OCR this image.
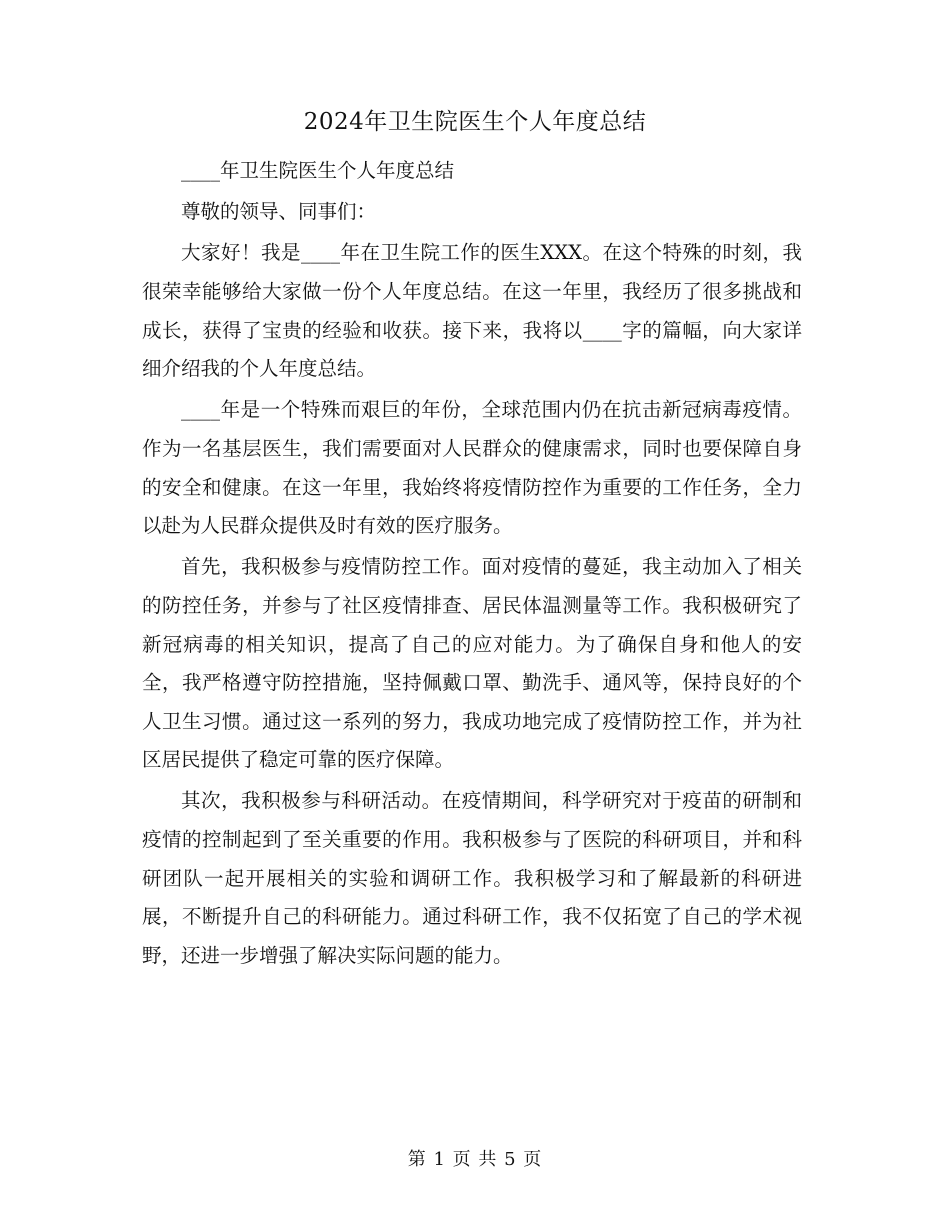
2024年卫生院医生个人年度总结

____年卫生院医生个人年度总结

尊敬的领导、同事们：

大家好！我是____年在卫生院工作的医生XXX。在这个特殊的时刻，我很荣幸能够给大家做一份个人年度总结。在这一年里，我经历了很多挑战和成长，获得了宝贵的经验和收获。接下来，我将以____字的篇幅，向大家详细介绍我的个人年度总结。

____年是一个特殊而艰巨的年份，全球范围内仍在抗击新冠病毒疫情。作为一名基层医生，我们需要面对人民群众的健康需求，同时也要保障自身的安全和健康。在这一年里，我始终将疫情防控作为重要的工作任务，全力以赴为人民群众提供及时有效的医疗服务。

首先，我积极参与疫情防控工作。面对疫情的蔓延，我主动加入了相关的防控任务，并参与了社区疫情排查、居民体温测量等工作。我积极研究了新冠病毒的相关知识，提高了自己的应对能力。为了确保自身和他人的安全，我严格遵守防控措施，坚持佩戴口罩、勤洗手、通风等，保持良好的个人卫生习惯。通过这一系列的努力，我成功地完成了疫情防控工作，并为社区居民提供了稳定可靠的医疗保障。

其次，我积极参与科研活动。在疫情期间，科学研究对于疫苗的研制和疫情的控制起到了至关重要的作用。我积极参与了医院的科研项目，并和科研团队一起开展相关的实验和调研工作。我积极学习和了解最新的科研进展，不断提升自己的科研能力。通过科研工作，我不仅拓宽了自己的学术视野，还进一步增强了解决实际问题的能力。

第 1 页 共 5 页
